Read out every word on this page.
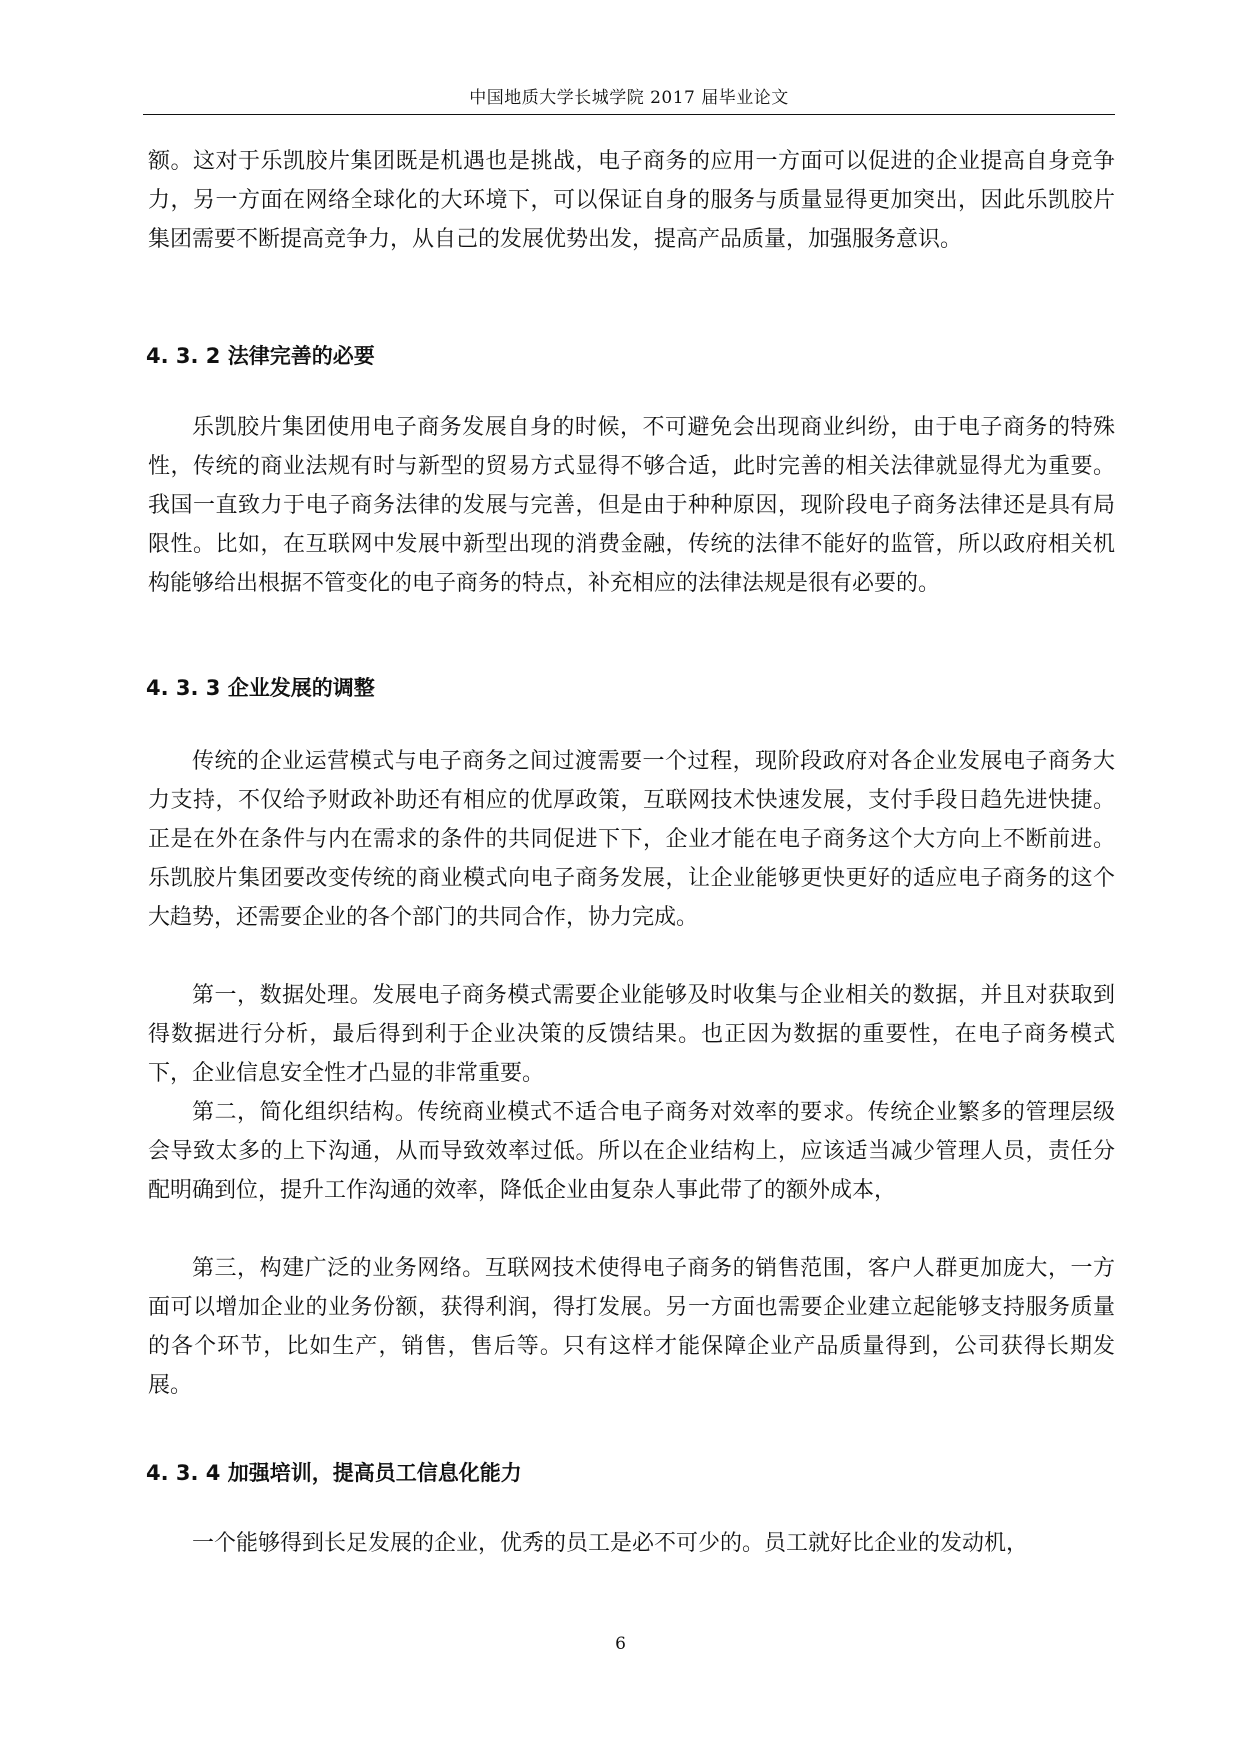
中国地质大学长城学院 2017 届毕业论文

额。这对于乐凯胶片集团既是机遇也是挑战，电子商务的应用一方面可以促进的企业提高自身竞争力，另一方面在网络全球化的大环境下，可以保证自身的服务与质量显得更加突出，因此乐凯胶片集团需要不断提高竞争力，从自己的发展优势出发，提高产品质量，加强服务意识。

4. 3. 2 法律完善的必要

乐凯胶片集团使用电子商务发展自身的时候，不可避免会出现商业纠纷，由于电子商务的特殊性，传统的商业法规有时与新型的贸易方式显得不够合适，此时完善的相关法律就显得尤为重要。我国一直致力于电子商务法律的发展与完善，但是由于种种原因，现阶段电子商务法律还是具有局限性。比如，在互联网中发展中新型出现的消费金融，传统的法律不能好的监管，所以政府相关机构能够给出根据不管变化的电子商务的特点，补充相应的法律法规是很有必要的。

4. 3. 3 企业发展的调整

传统的企业运营模式与电子商务之间过渡需要一个过程，现阶段政府对各企业发展电子商务大力支持，不仅给予财政补助还有相应的优厚政策，互联网技术快速发展，支付手段日趋先进快捷。正是在外在条件与内在需求的条件的共同促进下下，企业才能在电子商务这个大方向上不断前进。乐凯胶片集团要改变传统的商业模式向电子商务发展，让企业能够更快更好的适应电子商务的这个大趋势，还需要企业的各个部门的共同合作，协力完成。

第一，数据处理。发展电子商务模式需要企业能够及时收集与企业相关的数据，并且对获取到得数据进行分析，最后得到利于企业决策的反馈结果。也正因为数据的重要性，在电子商务模式下，企业信息安全性才凸显的非常重要。

第二，简化组织结构。传统商业模式不适合电子商务对效率的要求。传统企业繁多的管理层级会导致太多的上下沟通，从而导致效率过低。所以在企业结构上，应该适当减少管理人员，责任分配明确到位，提升工作沟通的效率，降低企业由复杂人事此带了的额外成本，

第三，构建广泛的业务网络。互联网技术使得电子商务的销售范围，客户人群更加庞大，一方面可以增加企业的业务份额，获得利润，得打发展。另一方面也需要企业建立起能够支持服务质量的各个环节，比如生产，销售，售后等。只有这样才能保障企业产品质量得到，公司获得长期发展。

4. 3. 4 加强培训，提高员工信息化能力

一个能够得到长足发展的企业，优秀的员工是必不可少的。员工就好比企业的发动机，

6
